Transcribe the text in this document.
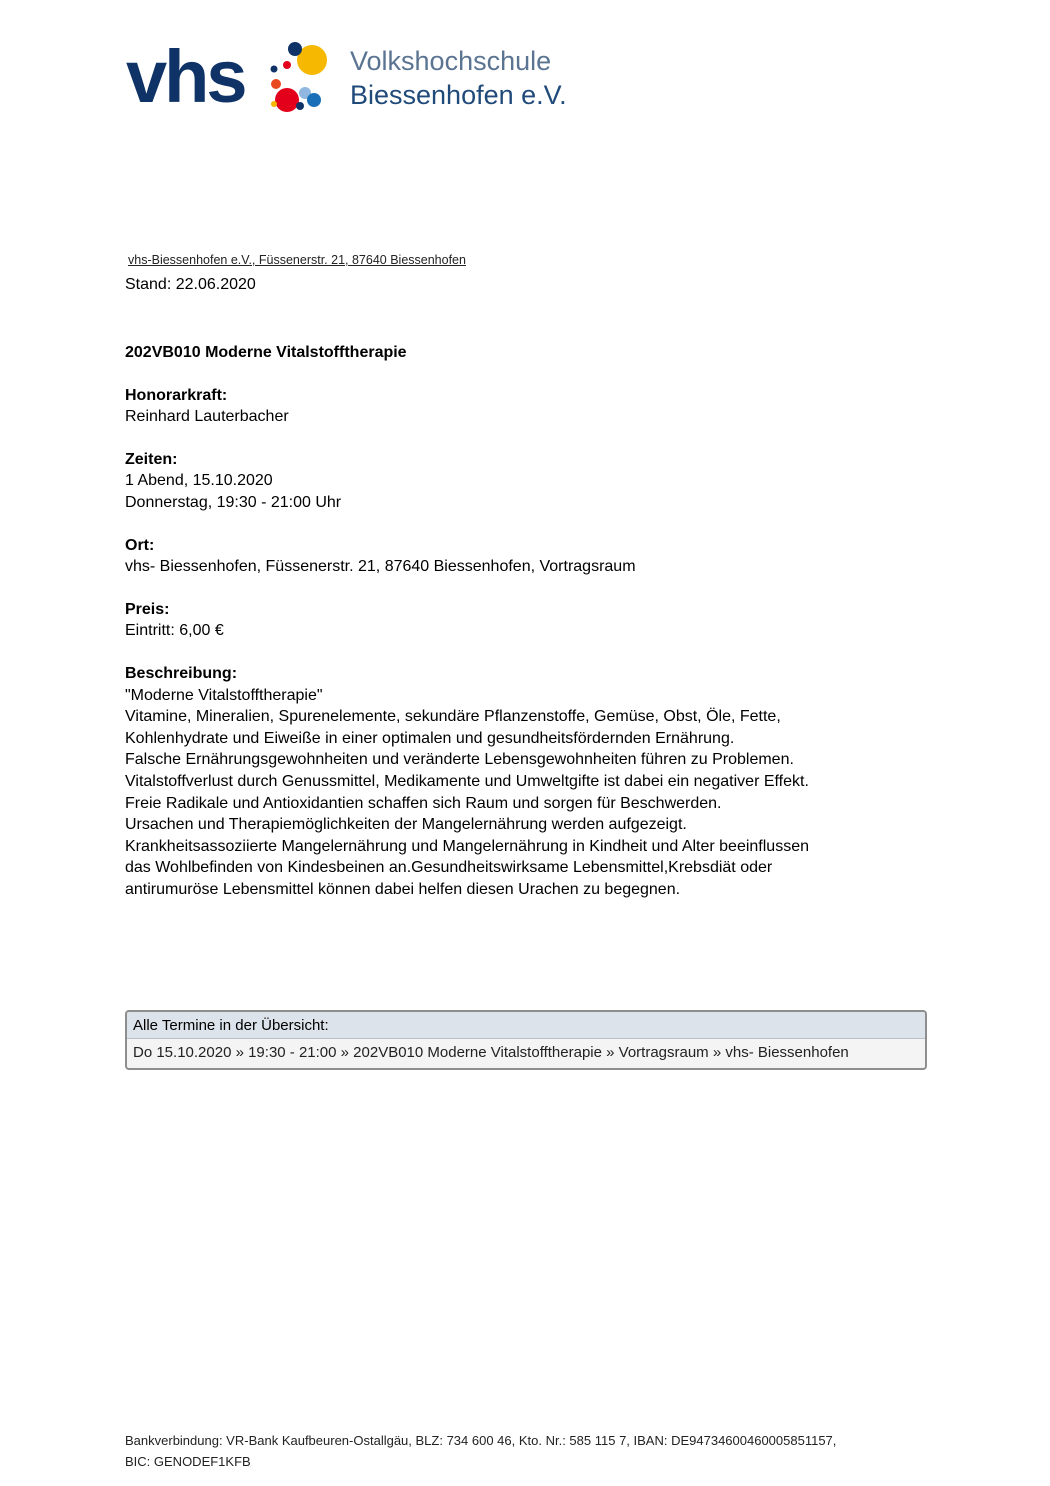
vhs	Volkshochschule
Biessenhofen e.V.
vhs-Biessenhofen e.V., Füssenerstr. 21, 87640 Biessenhofen
Stand: 22.06.2020
202VB010 Moderne Vitalstofftherapie
Honorarkraft:
Reinhard Lauterbacher
Zeiten:
1 Abend, 15.10.2020
Donnerstag, 19:30 - 21:00 Uhr
Ort:
vhs- Biessenhofen, Füssenerstr. 21, 87640 Biessenhofen, Vortragsraum
Preis:
Eintritt: 6,00 €
Beschreibung:
"Moderne Vitalstofftherapie"
Vitamine, Mineralien, Spurenelemente, sekundäre Pflanzenstoffe, Gemüse, Obst, Öle, Fette,
Kohlenhydrate und Eiweiße in einer optimalen und gesundheitsfördernden Ernährung.
Falsche Ernährungsgewohnheiten und veränderte Lebensgewohnheiten führen zu Problemen.
Vitalstoffverlust durch Genussmittel, Medikamente und Umweltgifte ist dabei ein negativer Effekt.
Freie Radikale und Antioxidantien schaffen sich Raum und sorgen für Beschwerden.
Ursachen und Therapiemöglichkeiten der Mangelernährung werden aufgezeigt.
Krankheitsassoziierte Mangelernährung und Mangelernährung in Kindheit und Alter beeinflussen
das Wohlbefinden von Kindesbeinen an.Gesundheitswirksame Lebensmittel,Krebsdiät oder
antirumuröse Lebensmittel können dabei helfen diesen Urachen zu begegnen.
Alle Termine in der Übersicht:
Do 15.10.2020 » 19:30 - 21:00 » 202VB010 Moderne Vitalstofftherapie » Vortragsraum » vhs- Biessenhofen
Bankverbindung: VR-Bank Kaufbeuren-Ostallgäu, BLZ: 734 600 46, Kto. Nr.: 585 115 7, IBAN: DE94734600460005851157,
BIC: GENODEF1KFB
